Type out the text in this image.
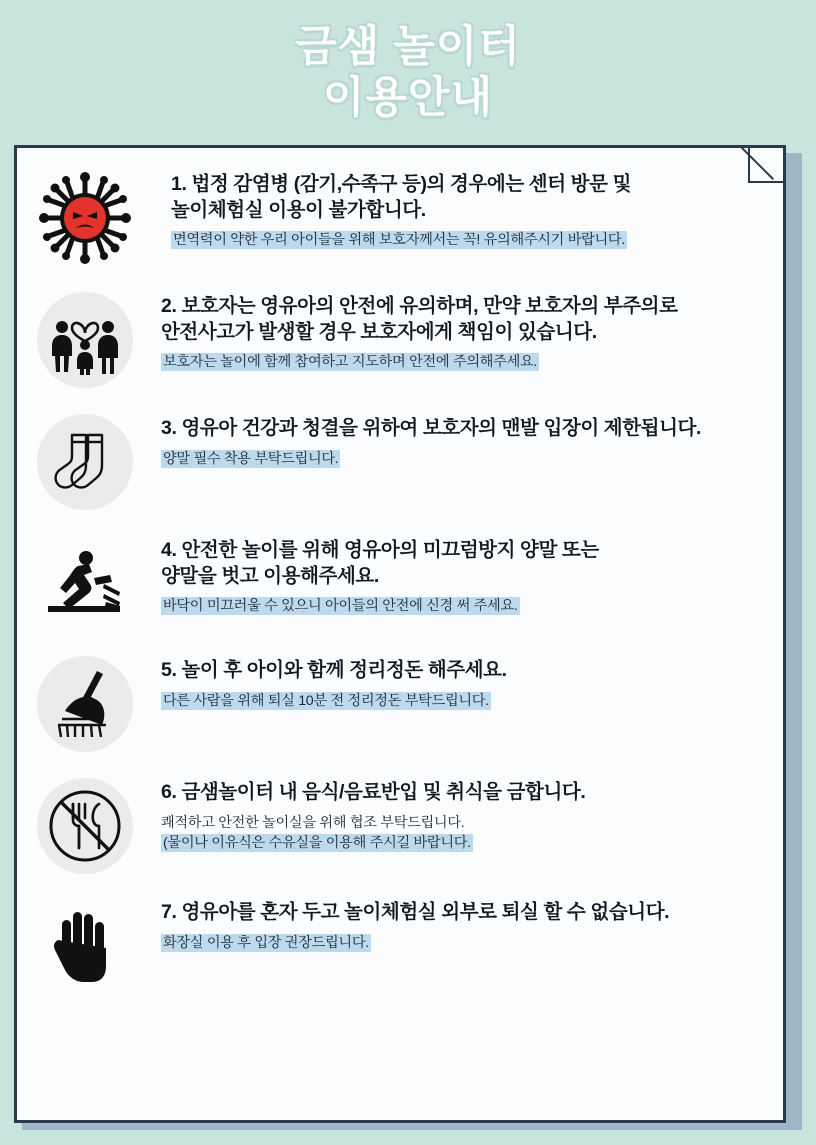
금샘 놀이터
이용안내
1. 법정 감염병 (감기,수족구 등)의 경우에는 센터 방문 및
놀이체험실 이용이 불가합니다.
면역력이 약한 우리 아이들을 위해 보호자께서는 꼭! 유의해주시기 바랍니다.
2. 보호자는 영유아의 안전에 유의하며, 만약 보호자의 부주의로
안전사고가 발생할 경우 보호자에게 책임이 있습니다.
보호자는 놀이에 함께 참여하고 지도하며 안전에 주의해주세요.
3. 영유아 건강과 청결을 위하여 보호자의 맨발 입장이 제한됩니다.
양말 필수 착용 부탁드립니다.
4. 안전한 놀이를 위해 영유아의 미끄럼방지 양말 또는
양말을 벗고 이용해주세요.
바닥이 미끄러울 수 있으니 아이들의 안전에 신경 써 주세요.
5. 놀이 후 아이와 함께 정리정돈 해주세요.
다른 사람을 위해 퇴실 10분 전 정리정돈 부탁드립니다.
6. 금샘놀이터 내 음식/음료반입 및 취식을 금합니다.
쾌적하고 안전한 놀이실을 위해 협조 부탁드립니다.
(물이나 이유식은 수유실을 이용해 주시길 바랍니다.
7. 영유아를 혼자 두고 놀이체험실 외부로 퇴실 할 수 없습니다.
화장실 이용 후 입장 권장드립니다.
